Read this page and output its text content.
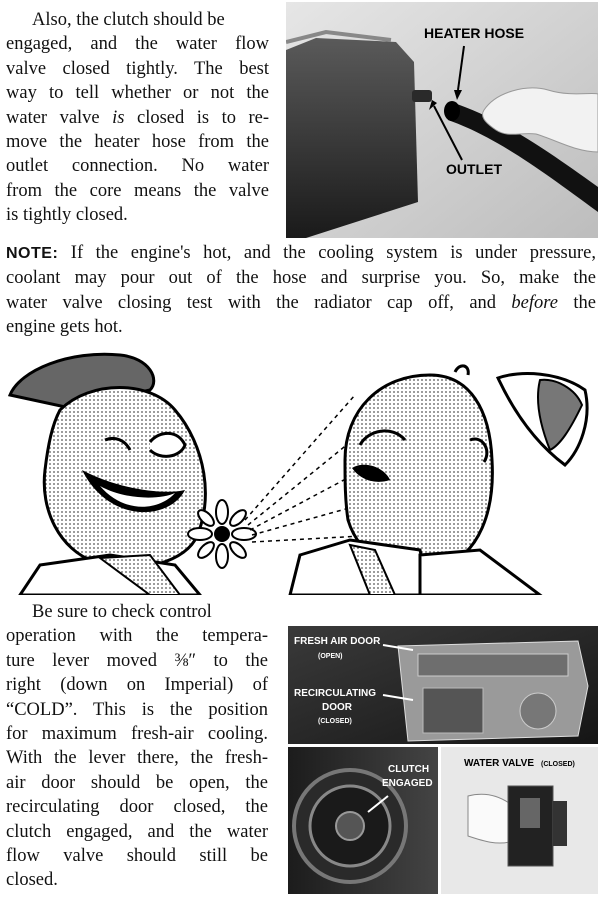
Also, the clutch should be
engaged, and the water flow
valve closed tightly. The best
way to tell whether or not the
water valve is closed is to re-
move the heater hose from the
outlet connection. No water
from the core means the valve
is tightly closed.
HEATER HOSE
OUTLET
NOTE: If the engine's hot, and the cooling system is under pressure,
coolant may pour out of the hose and surprise you. So, make the
water valve closing test with the radiator cap off, and before the
engine gets hot.
Be sure to check control
operation with the tempera-
ture lever moved ⅜″ to the
right (down on Imperial) of
“COLD”. This is the position
for maximum fresh-air cooling.
With the lever there, the fresh-
air door should be open, the
recirculating door closed, the
clutch engaged, and the water
flow valve should still be
closed.
FRESH AIR DOOR
(OPEN)
RECIRCULATING
DOOR
(CLOSED)
CLUTCH
ENGAGED
WATER VALVE (CLOSED)
